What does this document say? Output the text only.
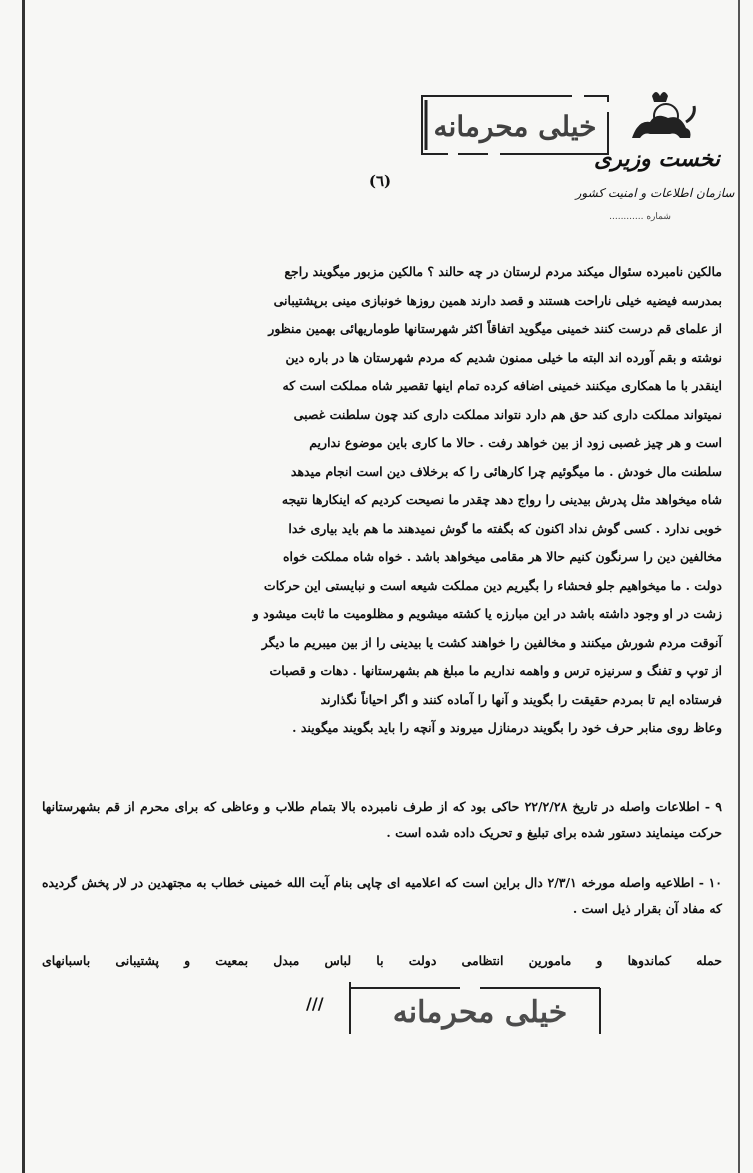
خیلی محرمانه
نخست وزیری
سازمان اطلاعات و امنیت کشور
شماره ............
(٦)
مالکین نامبرده سئوال میکند مردم لرستان در چه حالند ؟ مالکین مزبور میگویند راجع
بمدرسه فیضیه خیلی ناراحت هستند و قصد دارند همین روزها خونبازی مینی برپشتیبانی
از علمای قم درست کنند خمینی میگوید اتفاقاً اکثر شهرستانها طوماریهائی بهمین منظور
نوشته و بقم آورده اند البته ما خیلی ممنون شدیم که مردم شهرستان ها در باره دین
اینقدر با ما همکاری میکنند خمینی اضافه کرده تمام اینها تقصیر شاه مملکت است که
نمیتواند مملکت داری کند حق هم دارد نتواند مملکت داری کند چون سلطنت غصبی
است و هر چیز غصبی زود از بین خواهد رفت . حالا ما کاری باین موضوع نداریم
سلطنت مال خودش . ما میگوئیم چرا کارهائی را که برخلاف دین است انجام میدهد
شاه میخواهد مثل پدرش بیدینی را رواج دهد چقدر ما نصیحت کردیم که اینکارها نتیجه
خوبی ندارد . کسی گوش نداد اکنون که بگفته ما گوش نمیدهند ما هم باید بیاری خدا
مخالفین دین را سرنگون کنیم حالا هر مقامی میخواهد باشد . خواه شاه مملکت خواه
دولت . ما میخواهیم جلو فحشاء را بگیریم دین مملکت شیعه است و نبایستی این حرکات
زشت در او وجود داشته باشد در این مبارزه یا کشته میشویم و مظلومیت ما ثابت میشود و
آنوقت مردم شورش میکنند و مخالفین را خواهند کشت یا بیدینی را از بین میبریم ما دیگر
از توپ و تفنگ و سرنیزه ترس و واهمه نداریم ما مبلغ هم بشهرستانها . دهات و قصبات
فرستاده ایم تا بمردم حقیقت را بگویند و آنها را آماده کنند و اگر احیاناً نگذارند
وعاظ روی منابر حرف خود را بگویند درمنازل میروند و آنچه را باید بگویند میگویند .
٩ - اطلاعات واصله در تاریخ ٢٢/٢/٢٨ حاکی بود که از طرف نامبرده بالا بتمام طلاب و وعاظی که برای محرم از قم بشهرستانها حرکت مینمایند دستور شده برای تبلیغ و تحریک داده شده است .
١٠ - اطلاعیه واصله مورخه ٢/٣/١ دال براین است که اعلامیه ای چاپی بنام آیت الله خمینی خطاب به مجتهدین در لار پخش گردیده که مفاد آن بقرار ذیل است .
حمله کماندوها و مامورین انتظامی دولت با لباس مبدل بمعیت و پشتیبانی باسبانهای
خیلی محرمانه
///
